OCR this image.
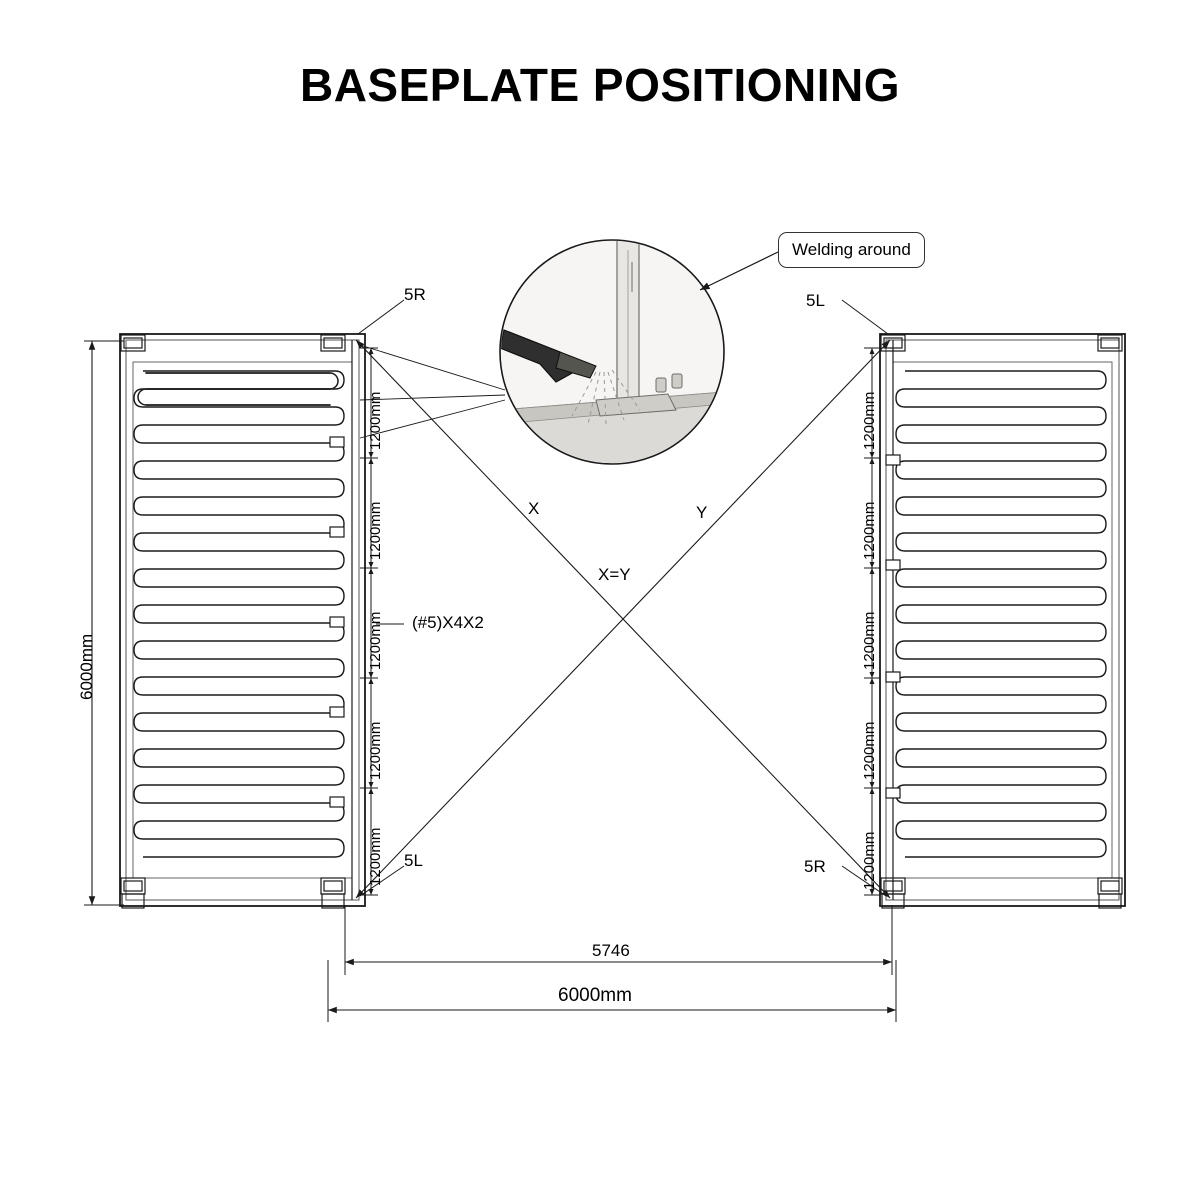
BASEPLATE POSITIONING
5R
5L
5L
5R
X	Y
X=Y
(#5)X4X2
6000mm
1200mm
1200mm
1200mm
1200mm
1200mm
1200mm
1200mm
1200mm
1200mm
1200mm
5746
6000mm
Welding around
